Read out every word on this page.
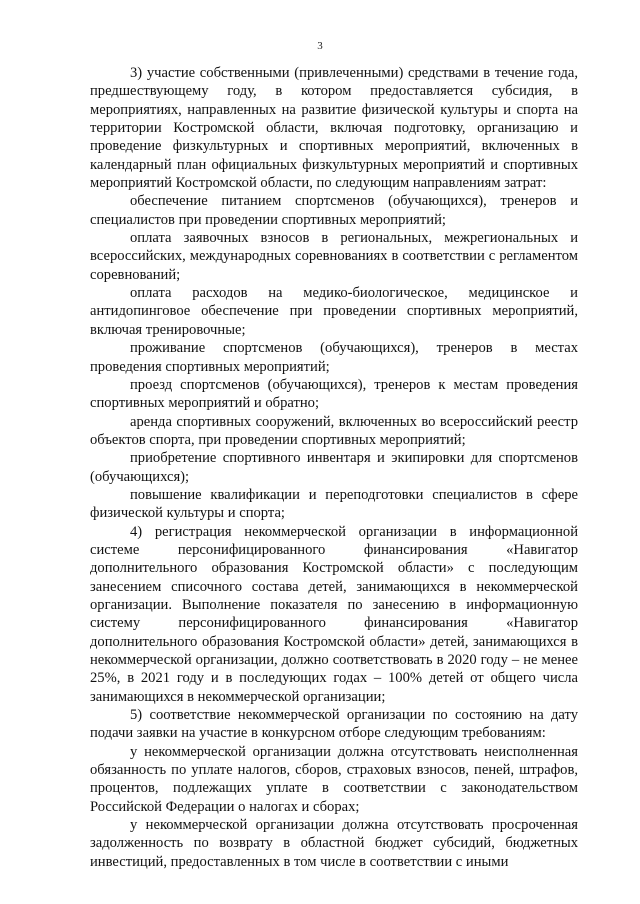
3

3) участие собственными (привлеченными) средствами в течение года, предшествующему году, в котором предоставляется субсидия, в мероприятиях, направленных на развитие физической культуры и спорта на территории Костромской области, включая подготовку, организацию и проведение физкультурных и спортивных мероприятий, включенных в календарный план официальных физкультурных мероприятий и спортивных мероприятий Костромской области, по следующим направлениям затрат:

обеспечение питанием спортсменов (обучающихся), тренеров и специалистов при проведении спортивных мероприятий;

оплата заявочных взносов в региональных, межрегиональных и всероссийских, международных соревнованиях в соответствии с регламентом соревнований;

оплата расходов на медико-биологическое, медицинское и антидопинговое обеспечение при проведении спортивных мероприятий, включая тренировочные;

проживание спортсменов (обучающихся), тренеров в местах проведения спортивных мероприятий;

проезд спортсменов (обучающихся), тренеров к местам проведения спортивных мероприятий и обратно;

аренда спортивных сооружений, включенных во всероссийский реестр объектов спорта, при проведении спортивных мероприятий;

приобретение спортивного инвентаря и экипировки для спортсменов (обучающихся);

повышение квалификации и переподготовки специалистов в сфере физической культуры и спорта;

4) регистрация некоммерческой организации в информационной системе персонифицированного финансирования «Навигатор дополнительного образования Костромской области» с последующим занесением списочного состава детей, занимающихся в некоммерческой организации. Выполнение показателя по занесению в информационную систему персонифицированного финансирования «Навигатор дополнительного образования Костромской области» детей, занимающихся в некоммерческой организации, должно соответствовать в 2020 году – не менее 25%, в 2021 году и в последующих годах – 100% детей от общего числа занимающихся в некоммерческой организации;

5) соответствие некоммерческой организации по состоянию на дату подачи заявки на участие в конкурсном отборе следующим требованиям:

у некоммерческой организации должна отсутствовать неисполненная обязанность по уплате налогов, сборов, страховых взносов, пеней, штрафов, процентов, подлежащих уплате в соответствии с законодательством Российской Федерации о налогах и сборах;

у некоммерческой организации должна отсутствовать просроченная задолженность по возврату в областной бюджет субсидий, бюджетных инвестиций, предоставленных в том числе в соответствии с иными
